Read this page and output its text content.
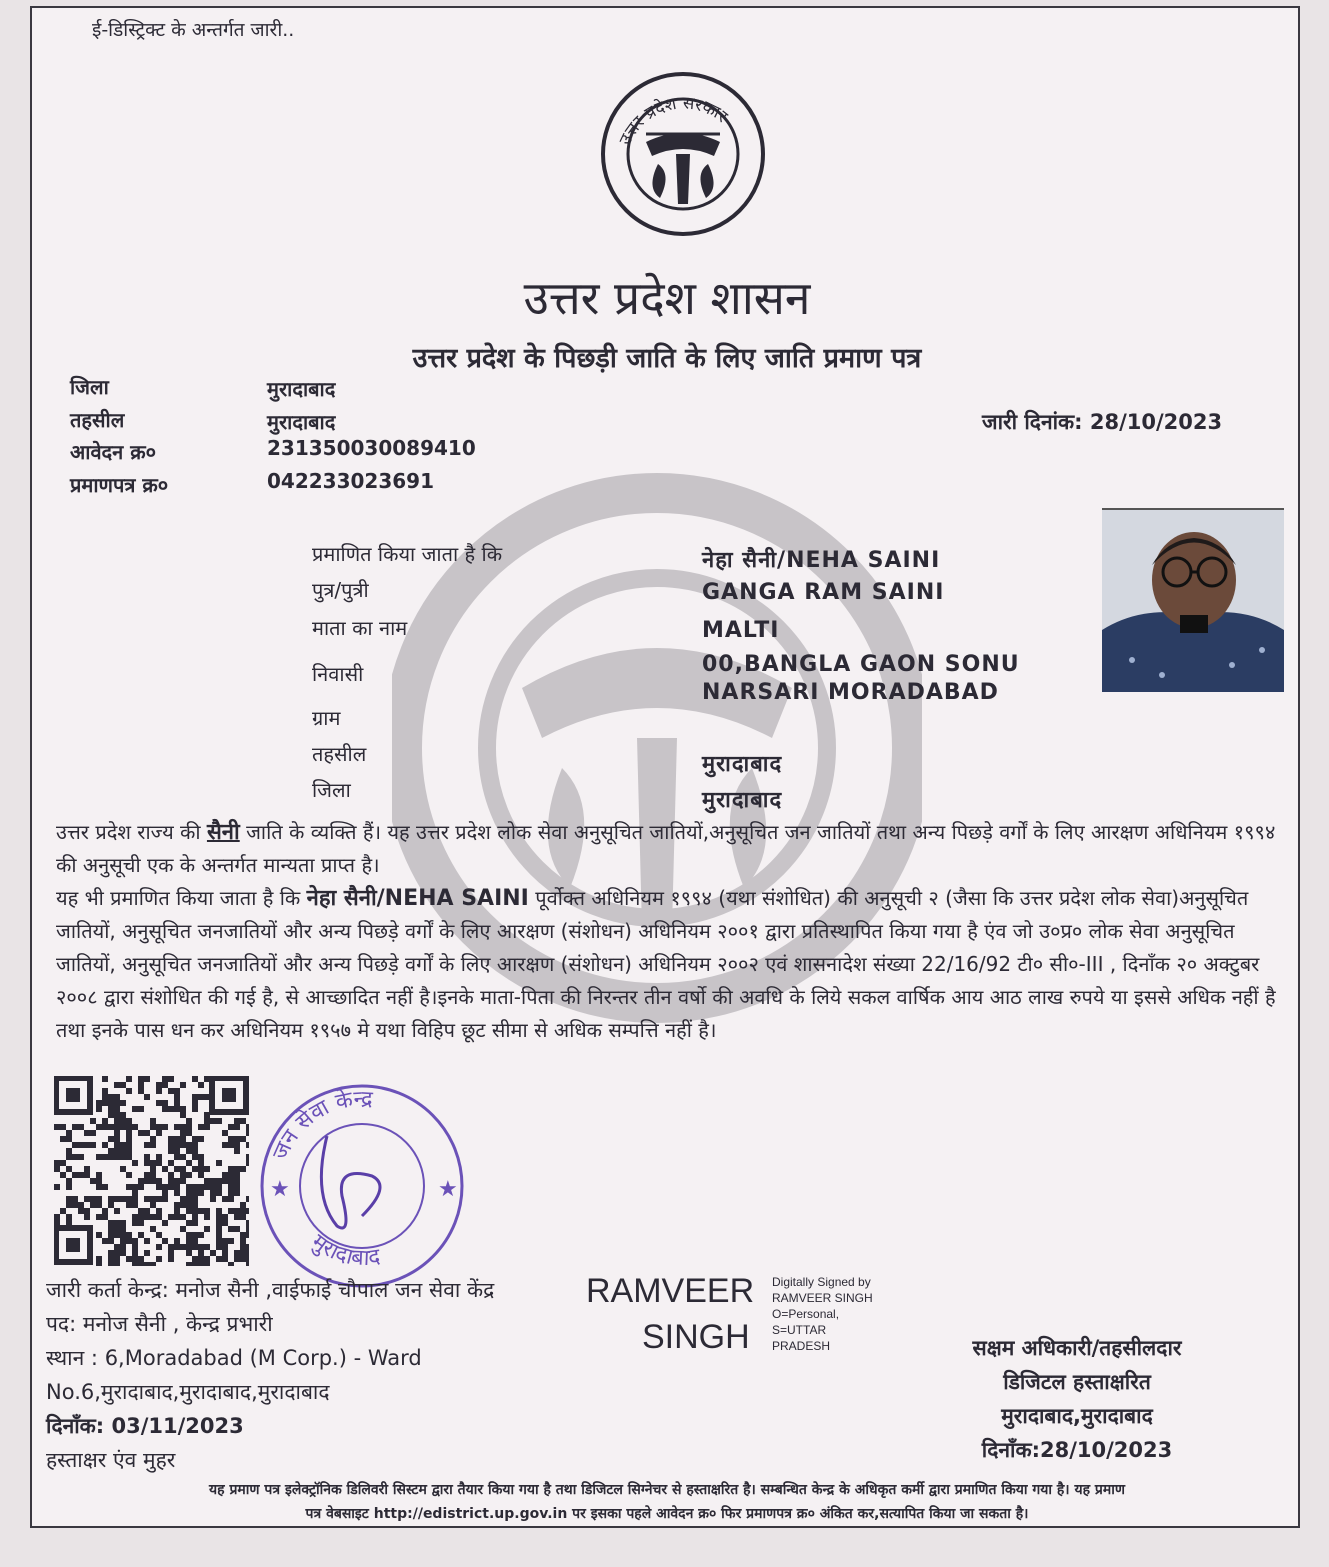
ई-डिस्ट्रिक्ट के अन्तर्गत जारी..
उत्तर प्रदेश सरकार
उत्तर प्रदेश शासन
उत्तर प्रदेश के पिछड़ी जाति के लिए जाति प्रमाण पत्र
जिला	मुरादाबाद
तहसील	मुरादाबाद
आवेदन क्र०	231350030089410
प्रमाणपत्र क्र०	042233023691
जारी दिनांक: 28/10/2023
प्रमाणित किया जाता है कि	नेहा सैनी/NEHA SAINI
पुत्र/पुत्री	GANGA RAM SAINI
माता का नाम	MALTI
निवासी	00,BANGLA GAON SONU
NARSARI MORADABAD
ग्राम
तहसील	मुरादाबाद
जिला	मुरादाबाद
उत्तर प्रदेश राज्य की सैनी जाति के व्यक्ति हैं। यह उत्तर प्रदेश लोक सेवा अनुसूचित जातियों,अनुसूचित जन जातियों तथा अन्य पिछड़े वर्गों के लिए आरक्षण अधिनियम १९९४ की अनुसूची एक के अन्तर्गत मान्यता प्राप्त है।
यह भी प्रमाणित किया जाता है कि नेहा सैनी/NEHA SAINI पूर्वोक्त अधिनियम १९९४ (यथा संशोधित) की अनुसूची २ (जैसा कि उत्तर प्रदेश लोक सेवा)अनुसूचित जातियों, अनुसूचित जनजातियों और अन्य पिछड़े वर्गों के लिए आरक्षण (संशोधन) अधिनियम २००१ द्वारा प्रतिस्थापित किया गया है एंव जो उ०प्र० लोक सेवा अनुसूचित जातियों, अनुसूचित जनजातियों और अन्य पिछड़े वर्गों के लिए आरक्षण (संशोधन) अधिनियम २००२ एवं शासनादेश संख्या 22/16/92 टी० सी०-III , दिनाँक २० अक्टुबर २००८ द्वारा संशोधित की गई है, से आच्छादित नहीं है।इनके माता-पिता की निरन्तर तीन वर्षो की अवधि के लिये सकल वार्षिक आय आठ लाख रुपये या इससे अधिक नहीं है तथा इनके पास धन कर अधिनियम १९५७ मे यथा विहिप छूट सीमा से अधिक सम्पत्ति नहीं है।
जन सेवा केन्द्र
मुरादाबाद
★	★
जारी कर्ता केन्द्र: मनोज सैनी ,वाईफाई चौपाल जन सेवा केंद्र
पद: मनोज सैनी , केन्द्र प्रभारी
स्थान : 6,Moradabad (M Corp.) - Ward
No.6,मुरादाबाद,मुरादाबाद,मुरादाबाद
दिनाँक: 03/11/2023
हस्ताक्षर एंव मुहर
RAMVEER
SINGH
Digitally Signed by
RAMVEER SINGH
O=Personal,
S=UTTAR
PRADESH	सक्षम अधिकारी/तहसीलदार
डिजिटल हस्ताक्षरित
मुरादाबाद,मुरादाबाद
दिनाँक:28/10/2023
यह प्रमाण पत्र इलेक्ट्रॉनिक डिलिवरी सिस्टम द्वारा तैयार किया गया है तथा डिजिटल सिग्नेचर से हस्ताक्षरित है। सम्बन्धित केन्द्र के अधिकृत कर्मी द्वारा प्रमाणित किया गया है। यह प्रमाण
पत्र वेबसाइट http://edistrict.up.gov.in पर इसका पहले आवेदन क्र० फिर प्रमाणपत्र क्र० अंकित कर,सत्यापित किया जा सकता है।
